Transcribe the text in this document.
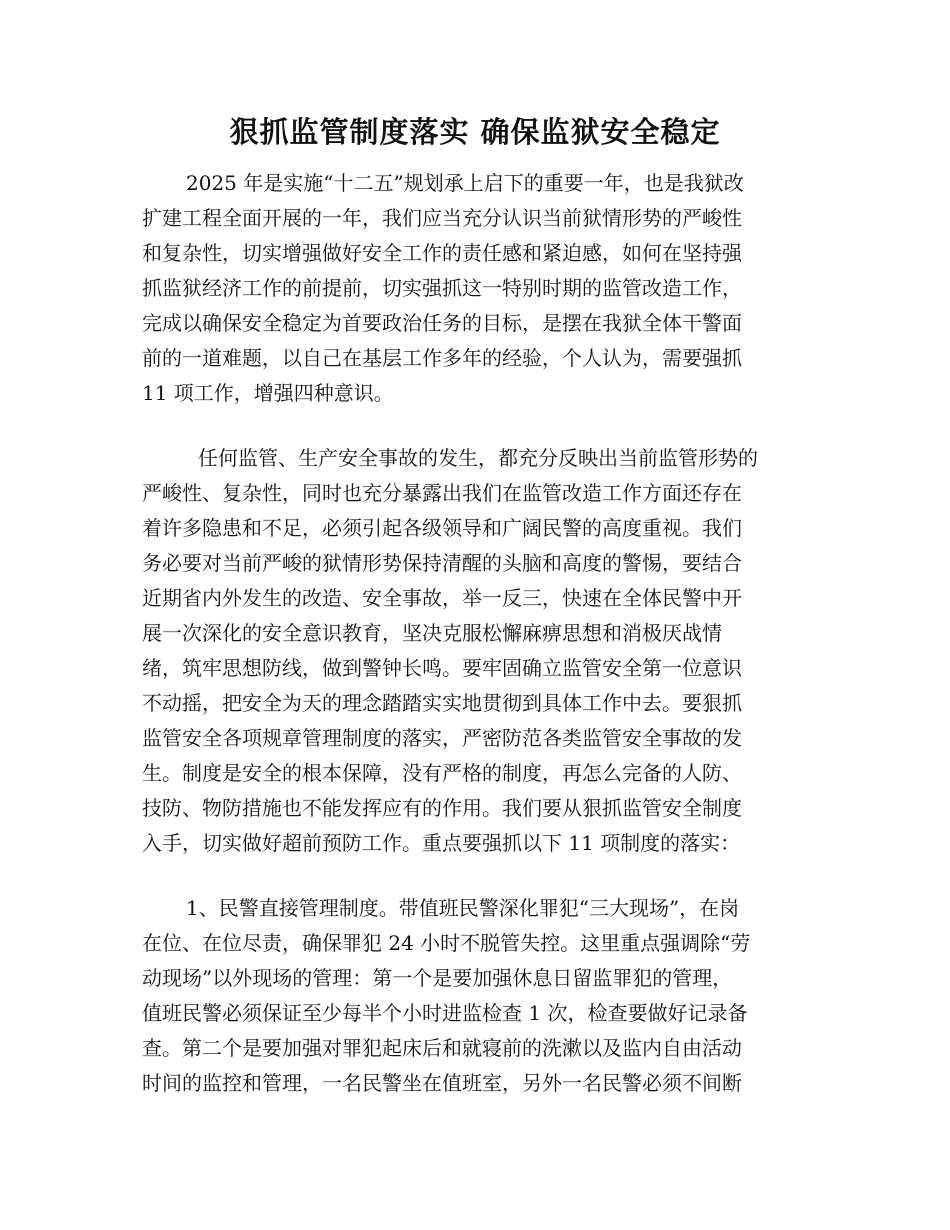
狠抓监管制度落实 确保监狱安全稳定

2025 年是实施“十二五”规划承上启下的重要一年，也是我狱改

扩建工程全面开展的一年，我们应当充分认识当前狱情形势的严峻性

和复杂性，切实增强做好安全工作的责任感和紧迫感，如何在坚持强

抓监狱经济工作的前提前，切实强抓这一特别时期的监管改造工作，

完成以确保安全稳定为首要政治任务的目标，是摆在我狱全体干警面

前的一道难题，以自己在基层工作多年的经验，个人认为，需要强抓

11 项工作，增强四种意识。

任何监管、生产安全事故的发生，都充分反映出当前监管形势的

严峻性、复杂性，同时也充分暴露出我们在监管改造工作方面还存在

着许多隐患和不足，必须引起各级领导和广阔民警的高度重视。我们

务必要对当前严峻的狱情形势保持清醒的头脑和高度的警惕，要结合

近期省内外发生的改造、安全事故，举一反三，快速在全体民警中开

展一次深化的安全意识教育，坚决克服松懈麻痹思想和消极厌战情

绪，筑牢思想防线，做到警钟长鸣。要牢固确立监管安全第一位意识

不动摇，把安全为天的理念踏踏实实地贯彻到具体工作中去。要狠抓

监管安全各项规章管理制度的落实，严密防范各类监管安全事故的发

生。制度是安全的根本保障，没有严格的制度，再怎么完备的人防、

技防、物防措施也不能发挥应有的作用。我们要从狠抓监管安全制度

入手，切实做好超前预防工作。重点要强抓以下 11 项制度的落实：

1、民警直接管理制度。带值班民警深化罪犯“三大现场”，在岗

在位、在位尽责，确保罪犯 24 小时不脱管失控。这里重点强调除“劳

动现场”以外现场的管理：第一个是要加强休息日留监罪犯的管理，

值班民警必须保证至少每半个小时进监检查 1 次，检查要做好记录备

查。第二个是要加强对罪犯起床后和就寝前的洗漱以及监内自由活动

时间的监控和管理，一名民警坐在值班室，另外一名民警必须不间断
